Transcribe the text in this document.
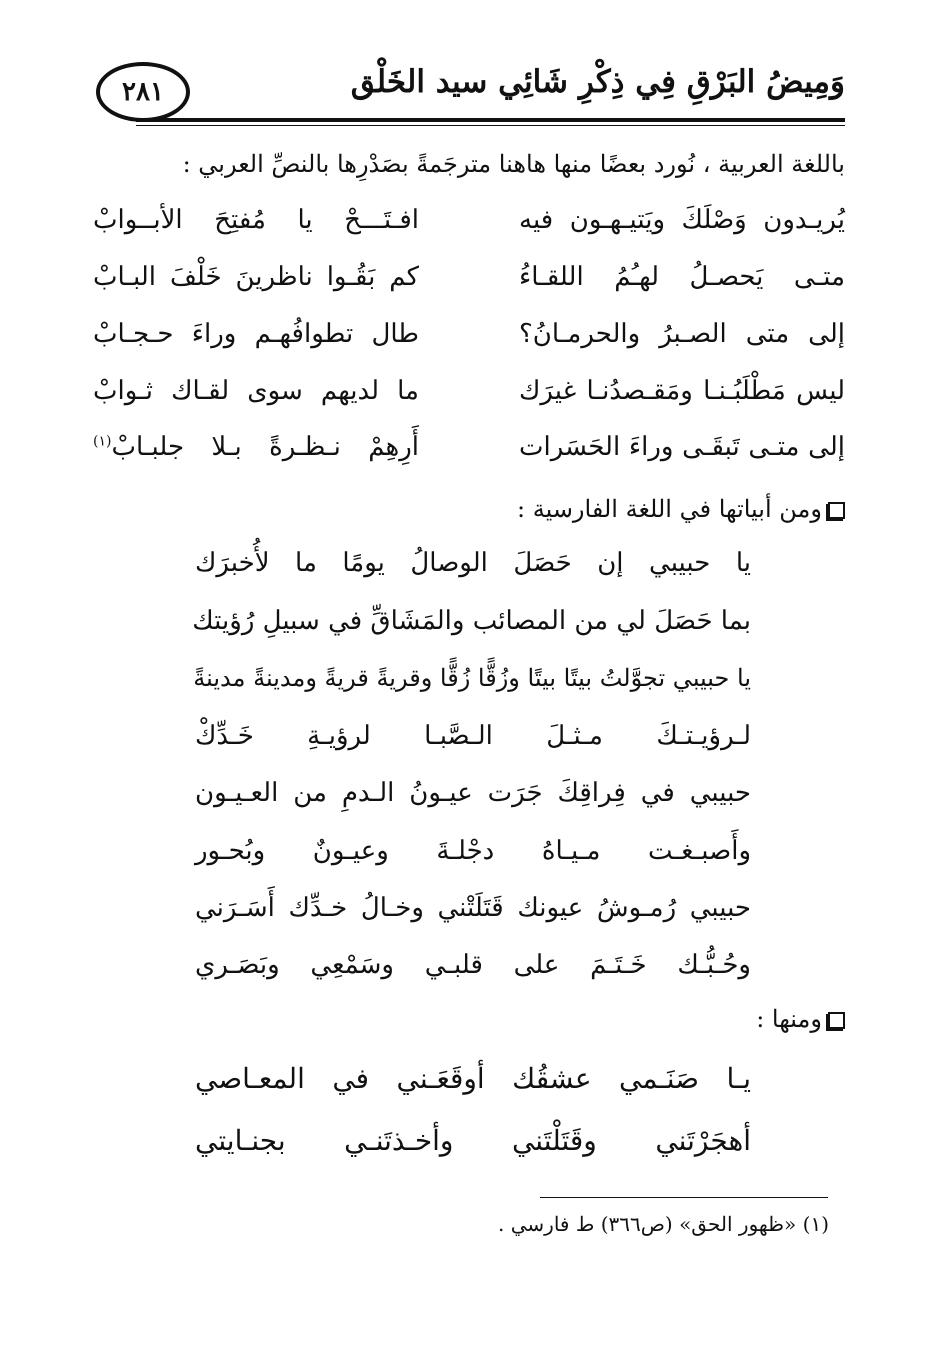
٢٨١	وَمِيضُ البَرْقِ فِي ذِكْرِ شَائِي سيد الخَلْق
باللغة العربية ، نُورد بعضًا منها هاهنا مترجَمةً بصَدْرِها بالنصِّ العربي :
يُريـدون وَصْلَكَ ويَتيـهـون فيه
افـتَـــحْ يا مُفتِحَ الأبــوابْ
متـى يَحصـلُ لهـُمُ اللقـاءُ
كم بَقُـوا ناظرينَ خَلْفَ البـابْ
إلى متى الصـبرُ والحرمـانُ؟
طال تطوافُهـم وراءَ حـجـابْ
ليس مَطْلَبُـنـا ومَقـصدُنـا غيرَك
ما لديهم سوى لقـاك ثـوابْ
إلى متـى تَبقَـى وراءَ الحَسَرات
أَرِهِمْ نـظـرةً بـلا جلبـابْ$^{(١)}$
ومن أبياتها في اللغة الفارسية :
يا حبيبي إن حَصَلَ الوصالُ يومًا ما لأُخبرَك
بما حَصَلَ لي من المصائب والمَشَاقِّ في سبيلِ رُؤيتك
يا حبيبي تجوَّلتُ بيتًا بيتًا وزُقًّا زُقًّا وقريةً قريةً ومدينةً مدينةً
لـرؤيـتـكَ مـثـلَ الـصَّبـا لرؤيـةِ خَـدِّكْ
حبيبي في فِراقِكَ جَرَت عيـونُ الـدمِ من العـيـون
وأَصبـغـت مـيـاهُ دجْلـةَ وعيـونٌ وبُحـور
حبيبي رُمـوشُ عيونك قَتَلَتْني وخـالُ خـدِّك أَسَـرَني
وحُـبُّـك خَـتَـمَ على قلبـي وسَمْعِي وبَصَـري
ومنها :
يـا صَنَـمي عشقُك أوقَعَـني في المعـاصي
أهجَرْتَني وقَتَلْتَني وأخـذتَنـي بجنـايتي
(١) «ظهور الحق» (ص٣٦٦) ط فارسي .
